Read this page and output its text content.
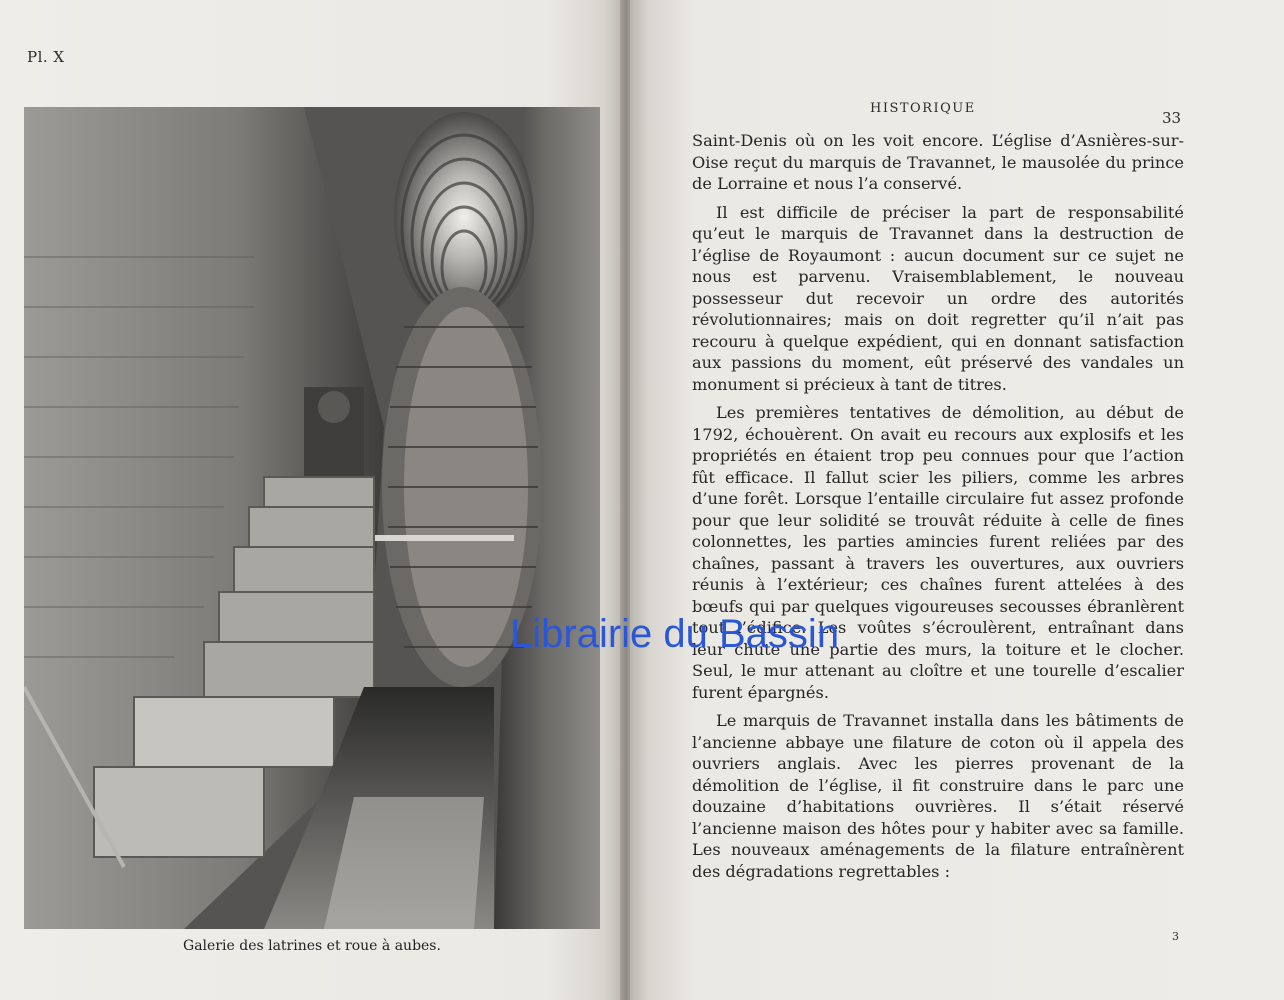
Pl. X
Galerie des latrines et roue à aubes.
HISTORIQUE
33

Saint-Denis où on les voit encore. L’église d’Asnières-sur-Oise reçut du marquis de Travannet, le mausolée du prince de Lorraine et nous l’a conservé.

Il est difficile de préciser la part de responsabilité qu’eut le marquis de Travannet dans la destruction de l’église de Royaumont : aucun document sur ce sujet ne nous est parvenu. Vraisemblablement, le nouveau possesseur dut recevoir un ordre des autorités révolutionnaires; mais on doit regretter qu’il n’ait pas recouru à quelque expédient, qui en donnant satisfaction aux passions du moment, eût préservé des vandales un monument si précieux à tant de titres.

Les premières tentatives de démolition, au début de 1792, échouèrent. On avait eu recours aux explosifs et les propriétés en étaient trop peu connues pour que l’action fût efficace. Il fallut scier les piliers, comme les arbres d’une forêt. Lorsque l’entaille circulaire fut assez profonde pour que leur solidité se trouvât réduite à celle de fines colonnettes, les parties amincies furent reliées par des chaînes, passant à travers les ouvertures, aux ouvriers réunis à l’extérieur; ces chaînes furent attelées à des bœufs qui par quelques vigoureuses secousses ébranlèrent tout l’édifice. Les voûtes s’écroulèrent, entraînant dans leur chute une partie des murs, la toiture et le clocher. Seul, le mur attenant au cloître et une tourelle d’escalier furent épargnés.

Le marquis de Travannet installa dans les bâtiments de l’ancienne abbaye une filature de coton où il appela des ouvriers anglais. Avec les pierres provenant de la démolition de l’église, il fit construire dans le parc une douzaine d’habitations ouvrières. Il s’était réservé l’ancienne maison des hôtes pour y habiter avec sa famille. Les nouveaux aménagements de la filature entraînèrent des dégradations regrettables :

3
Librairie du Bassin
